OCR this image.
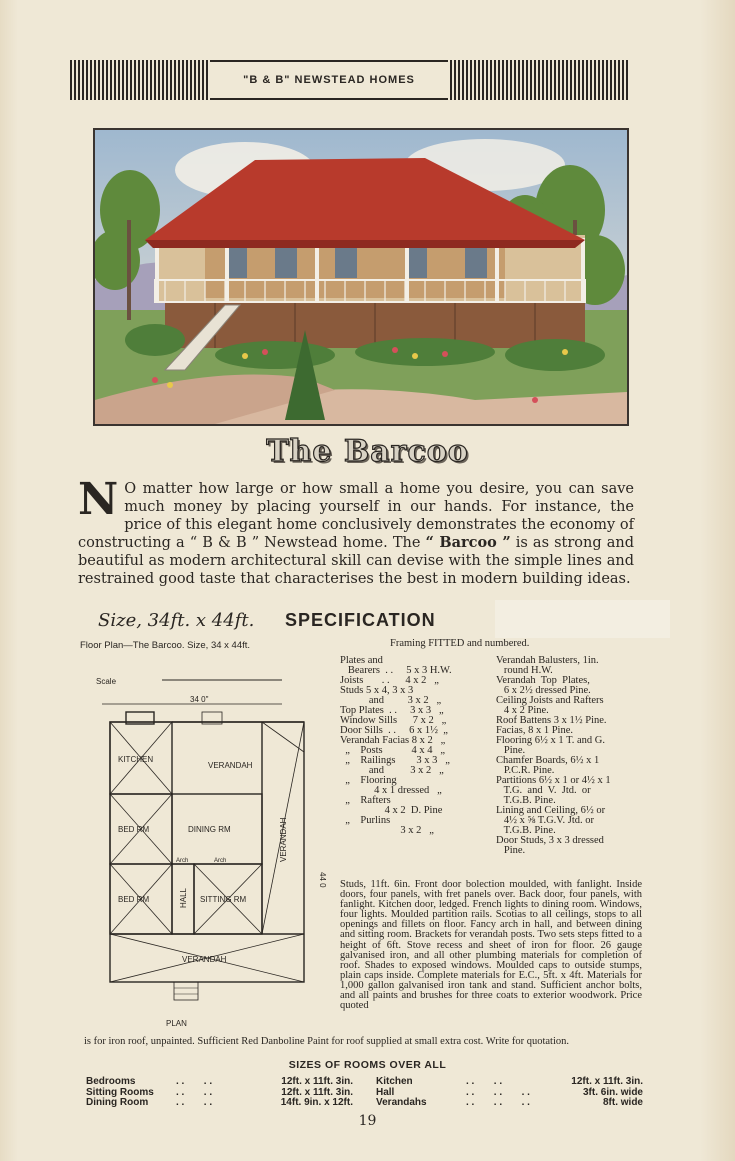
"B & B" NEWSTEAD HOMES
The Barcoo
N O matter how large or how small a home you desire, you can save much money by placing yourself in our hands. For instance, the price of this elegant home conclusively demonstrates the economy of constructing a “ B & B ” Newstead home. The “ Barcoo ” is as strong and beautiful as modern architectural skill can devise with the simple lines and restrained good taste that characterises the best in modern building ideas.
Size, 34ft. x 44ft. SPECIFICATION
Floor Plan—The Barcoo. Size, 34 x 44ft.
Scale
34 0"
44 0
KITCHEN
VERANDAH
BED RM	DINING RM
BED RM	HALL SITTING RM
VERANDAH
VERANDAH
Arch	Arch
PLAN
Framing FITTED and numbered.
Plates and
Bearers  . .     5 x 3 H.W.
Joists       . .      4 x 2   „
Studs 5 x 4, 3 x 3
and         3 x 2   „
Top Plates  . .     3 x 3   „
Window Sills      7 x 2   „
Door Sills  . .     6 x 1½  „
Verandah Facias 8 x 2   „
„    Posts           4 x 4   „
„    Railings        3 x 3   „
and          3 x 2   „
„    Flooring
4 x 1 dressed   „
„    Rafters
4 x 2  D. Pine
„    Purlins
3 x 2   „
Verandah Balusters, 1in.
round H.W.
Verandah  Top  Plates,
6 x 2½ dressed Pine.
Ceiling Joists and Rafters
4 x 2 Pine.
Roof Battens 3 x 1½ Pine.
Facias, 8 x 1 Pine.
Flooring 6½ x 1 T. and G.
Pine.
Chamfer Boards, 6½ x 1
P.C.R. Pine.
Partitions 6½ x 1 or 4½ x 1
T.G.  and  V.  Jtd.  or
T.G.B. Pine.
Lining and Ceiling, 6½ or
4½ x ⅝ T.G.V. Jtd. or
T.G.B. Pine.
Door Studs, 3 x 3 dressed
Pine.
Studs, 11ft. 6in. Front door bolection moulded, with fanlight. Inside doors, four panels, with fret panels over. Back door, four panels, with fanlight. Kitchen door, ledged. French lights to dining room. Windows, four lights. Moulded partition rails. Scotias to all ceilings, stops to all openings and fillets on floor. Fancy arch in hall, and between dining and sitting room. Brackets for verandah posts. Two sets steps fitted to a height of 6ft. Stove recess and sheet of iron for floor. 26 gauge galvanised iron, and all other plumbing materials for completion of roof. Shades to exposed windows. Moulded caps to outside stumps, plain caps inside. Complete materials for E.C., 5ft. x 4ft. Materials for 1,000 gallon galvanised iron tank and stand. Sufficient anchor bolts, and all paints and brushes for three coats to exterior woodwork. Price quoted
is for iron roof, unpainted. Sufficient Red Danboline Paint for roof supplied at small extra cost. Write for quotation.
SIZES OF ROOMS OVER ALL
Bedrooms	. .       . .	12ft. x 11ft. 3in.
Sitting Rooms	. .       . .	12ft. x 11ft. 3in.
Dining Room	. .       . .	14ft. 9in. x 12ft.
Kitchen	. .       . .	12ft. x 11ft. 3in.
Hall	. .       . .       . .	3ft. 6in. wide
Verandahs	. .       . .       . .	8ft. wide
19
